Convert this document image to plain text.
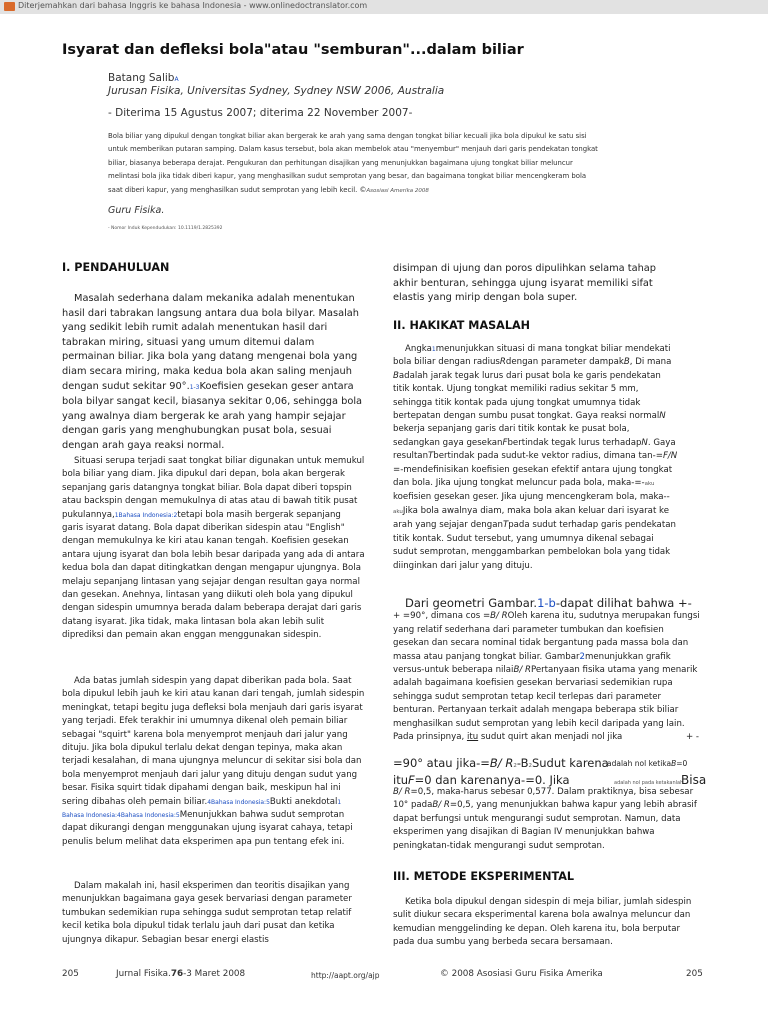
Diterjemahkan dari bahasa Inggris ke bahasa Indonesia - www.onlinedoctranslator.com
Isyarat dan defleksi bola"atau "semburan"...dalam biliar
Batang SalibA
Jurusan Fisika, Universitas Sydney, Sydney NSW 2006, Australia
- Diterima 15 Agustus 2007; diterima 22 November 2007-
Bola biliar yang dipukul dengan tongkat biliar akan bergerak ke arah yang sama dengan tongkat biliar kecuali jika bola dipukul ke satu sisi
untuk memberikan putaran samping. Dalam kasus tersebut, bola akan membelok atau "menyembur" menjauh dari garis pendekatan tongkat
biliar, biasanya beberapa derajat. Pengukuran dan perhitungan disajikan yang menunjukkan bagaimana ujung tongkat biliar meluncur
melintasi bola jika tidak diberi kapur, yang menghasilkan sudut semprotan yang besar, dan bagaimana tongkat biliar mencengkeram bola
saat diberi kapur, yang menghasilkan sudut semprotan yang lebih kecil. ©Asosiasi Amerika 2008
Guru Fisika.
- Nomor Induk Kependudukan: 10.1119/1.2825392
I. PENDAHULUAN
Masalah sederhana dalam mekanika adalah menentukan
hasil dari tabrakan langsung antara dua bola bilyar. Masalah
yang sedikit lebih rumit adalah menentukan hasil dari
tabrakan miring, situasi yang umum ditemui dalam
permainan biliar. Jika bola yang datang mengenai bola yang
diam secara miring, maka kedua bola akan saling menjauh
dengan sudut sekitar 90°.1-3Koefisien gesekan geser antara
bola bilyar sangat kecil, biasanya sekitar 0,06, sehingga bola
yang awalnya diam bergerak ke arah yang hampir sejajar
dengan garis yang menghubungkan pusat bola, sesuai
dengan arah gaya reaksi normal.
Situasi serupa terjadi saat tongkat biliar digunakan untuk memukul
bola biliar yang diam. Jika dipukul dari depan, bola akan bergerak
sepanjang garis datangnya tongkat biliar. Bola dapat diberi topspin
atau backspin dengan memukulnya di atas atau di bawah titik pusat
pukulannya,1Bahasa Indonesia:2tetapi bola masih bergerak sepanjang
garis isyarat datang. Bola dapat diberikan sidespin atau "English"
dengan memukulnya ke kiri atau kanan tengah. Koefisien gesekan
antara ujung isyarat dan bola lebih besar daripada yang ada di antara
kedua bola dan dapat ditingkatkan dengan mengapur ujungnya. Bola
melaju sepanjang lintasan yang sejajar dengan resultan gaya normal
dan gesekan. Anehnya, lintasan yang diikuti oleh bola yang dipukul
dengan sidespin umumnya berada dalam beberapa derajat dari garis
datang isyarat. Jika tidak, maka lintasan bola akan lebih sulit
diprediksi dan pemain akan enggan menggunakan sidespin.
Ada batas jumlah sidespin yang dapat diberikan pada bola. Saat
bola dipukul lebih jauh ke kiri atau kanan dari tengah, jumlah sidespin
meningkat, tetapi begitu juga defleksi bola menjauh dari garis isyarat
yang terjadi. Efek terakhir ini umumnya dikenal oleh pemain biliar
sebagai "squirt" karena bola menyemprot menjauh dari jalur yang
dituju. Jika bola dipukul terlalu dekat dengan tepinya, maka akan
terjadi kesalahan, di mana ujungnya meluncur di sekitar sisi bola dan
bola menyemprot menjauh dari jalur yang dituju dengan sudut yang
besar. Fisika squirt tidak dipahami dengan baik, meskipun hal ini
sering dibahas oleh pemain biliar.4Bahasa Indonesia:5Bukti anekdotal1
Bahasa Indonesia:4Bahasa Indonesia:5Menunjukkan bahwa sudut semprotan
dapat dikurangi dengan menggunakan ujung isyarat cahaya, tetapi
penulis belum melihat data eksperimen apa pun tentang efek ini.
Dalam makalah ini, hasil eksperimen dan teoritis disajikan yang
menunjukkan bagaimana gaya gesek bervariasi dengan parameter
tumbukan sedemikian rupa sehingga sudut semprotan tetap relatif
kecil ketika bola dipukul tidak terlalu jauh dari pusat dan ketika
ujungnya dikapur. Sebagian besar energi elastis
disimpan di ujung dan poros dipulihkan selama tahap
akhir benturan, sehingga ujung isyarat memiliki sifat
elastis yang mirip dengan bola super.
II. HAKIKAT MASALAH
Angka1menunjukkan situasi di mana tongkat biliar mendekati
bola biliar dengan radiusRdengan parameter dampakB, Di mana
Badalah jarak tegak lurus dari pusat bola ke garis pendekatan
titik kontak. Ujung tongkat memiliki radius sekitar 5 mm,
sehingga titik kontak pada ujung tongkat umumnya tidak
bertepatan dengan sumbu pusat tongkat. Gaya reaksi normalN
bekerja sepanjang garis dari titik kontak ke pusat bola,
sedangkan gaya gesekanFbertindak tegak lurus terhadapN. Gaya
resultanTbertindak pada sudut-ke vektor radius, dimana tan-=F/N
=-mendefinisikan koefisien gesekan efektif antara ujung tongkat
dan bola. Jika ujung tongkat meluncur pada bola, maka-=-aku
koefisien gesekan geser. Jika ujung mencengkeram bola, maka--
akuJika bola awalnya diam, maka bola akan keluar dari isyarat ke
arah yang sejajar denganTpada sudut terhadap garis pendekatan
titik kontak. Sudut tersebut, yang umumnya dikenal sebagai
sudut semprotan, menggambarkan pembelokan bola yang tidak
diinginkan dari jalur yang dituju.
Dari geometri Gambar.1-b-dapat dilihat bahwa +-
+ =90°, dimana cos =B/ ROleh karena itu, sudutnya merupakan fungsi
yang relatif sederhana dari parameter tumbukan dan koefisien
gesekan dan secara nominal tidak bergantung pada massa bola dan
massa atau panjang tongkat biliar. Gambar2menunjukkan grafik
versus-untuk beberapa nilaiB/ RPertanyaan fisika utama yang menarik
adalah bagaimana koefisien gesekan bervariasi sedemikian rupa
sehingga sudut semprotan tetap kecil terlepas dari parameter
benturan. Pertanyaan terkait adalah mengapa beberapa stik biliar
menghasilkan sudut semprotan yang lebih kecil daripada yang lain.
Pada prinsipnya, itu sudut quirt akan menjadi nol jika	+ -
=90° atau jika-=B/ R2-B2Sudut karena
adalah nol ketikaB=0
ituF=0 dan karenanya-=0. Jika	adalah nol pada ketakanlah
Bisa
B/ R=0,5, maka-harus sebesar 0,577. Dalam praktiknya, bisa sebesar
10° padaB/ R=0,5, yang menunjukkan bahwa kapur yang lebih abrasif
dapat berfungsi untuk mengurangi sudut semprotan. Namun, data
eksperimen yang disajikan di Bagian IV menunjukkan bahwa
peningkatan-tidak mengurangi sudut semprotan.
III. METODE EKSPERIMENTAL
Ketika bola dipukul dengan sidespin di meja biliar, jumlah sidespin
sulit diukur secara eksperimental karena bola awalnya meluncur dan
kemudian menggelinding ke depan. Oleh karena itu, bola berputar
pada dua sumbu yang berbeda secara bersamaan.
205	Jurnal Fisika.76-3 Maret 2008	http://aapt.org/ajp	© 2008 Asosiasi Guru Fisika Amerika	205
